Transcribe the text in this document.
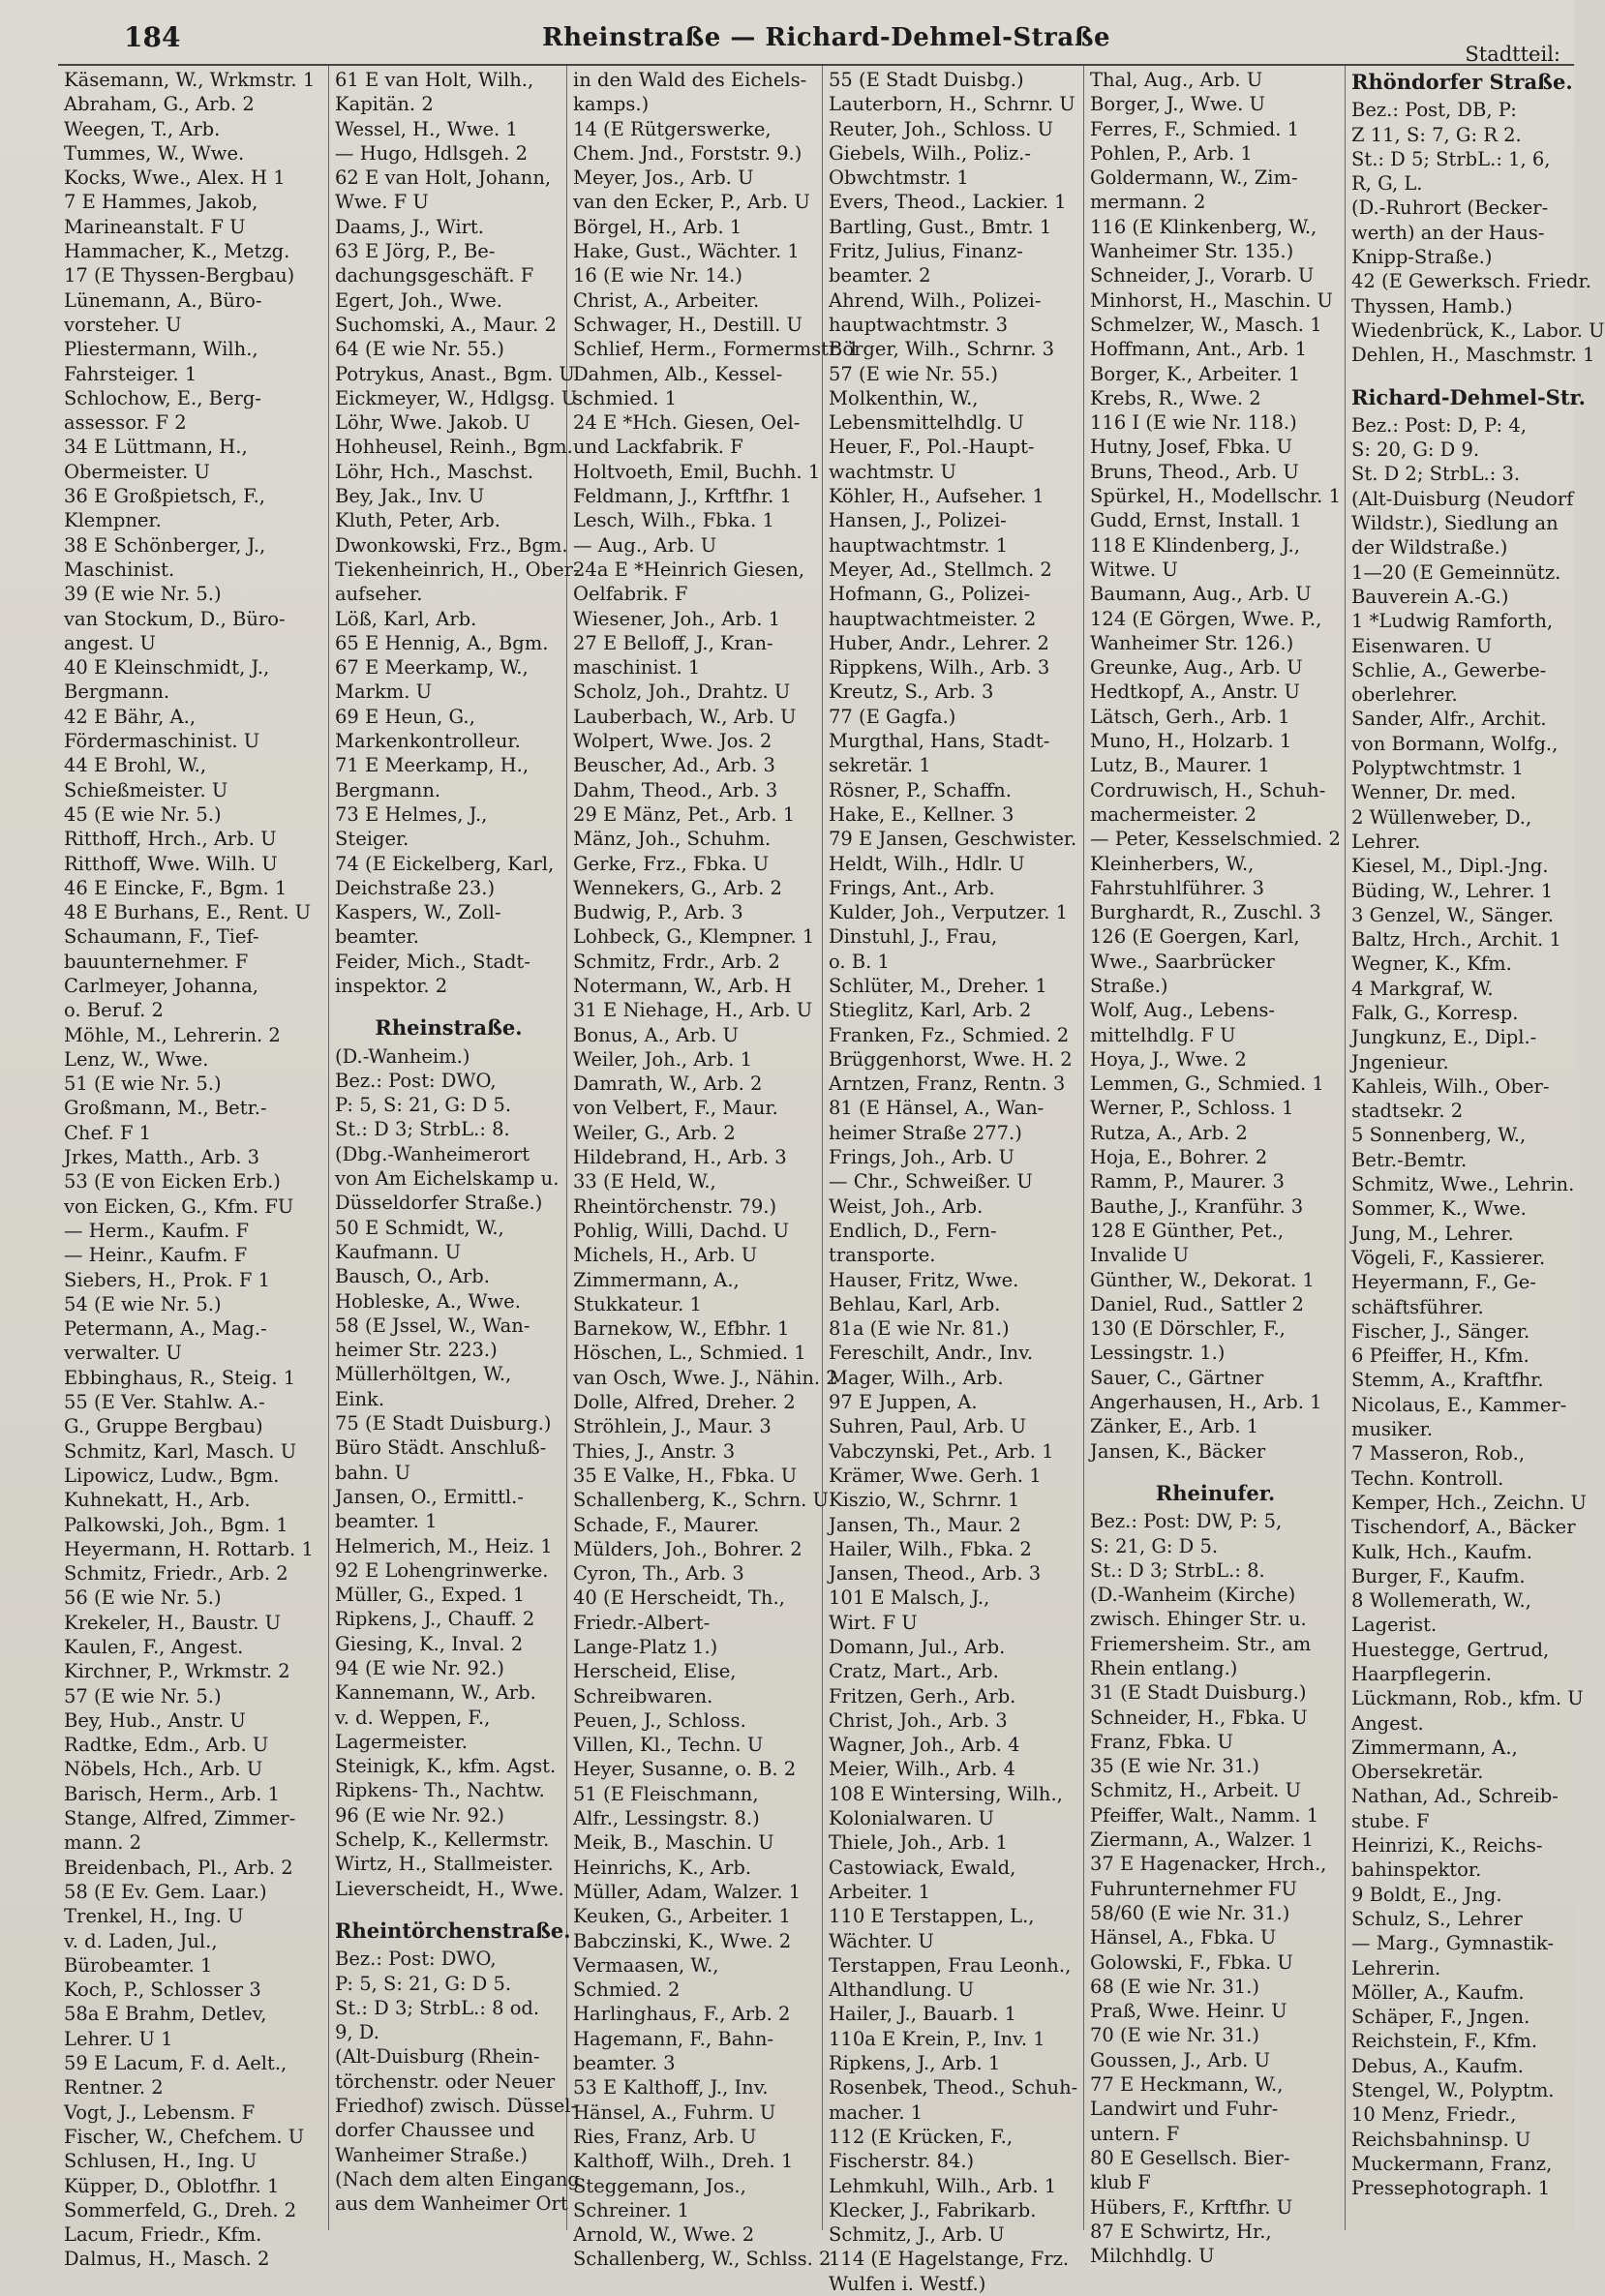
184	Rheinstraße — Richard-Dehmel-Straße
Stadtteil:
Käsemann, W., Wrkmstr. 1
Abraham, G., Arb. 2
Weegen, T., Arb.
Tummes, W., Wwe.
Kocks, Wwe., Alex. H 1
7 E Hammes, Jakob,
Marineanstalt. F U
Hammacher, K., Metzg.
17 (E Thyssen-Bergbau)
Lünemann, A., Büro-
vorsteher. U
Pliestermann, Wilh.,
Fahrsteiger. 1
Schlochow, E., Berg-
assessor. F 2
34 E Lüttmann, H.,
Obermeister. U
36 E Großpietsch, F.,
Klempner.
38 E Schönberger, J.,
Maschinist.
39 (E wie Nr. 5.)
van Stockum, D., Büro-
angest. U
40 E Kleinschmidt, J.,
Bergmann.
42 E Bähr, A.,
Fördermaschinist. U
44 E Brohl, W.,
Schießmeister. U
45 (E wie Nr. 5.)
Ritthoff, Hrch., Arb. U
Ritthoff, Wwe. Wilh. U
46 E Eincke, F., Bgm. 1
48 E Burhans, E., Rent. U
Schaumann, F., Tief-
bauunternehmer. F
Carlmeyer, Johanna,
o. Beruf. 2
Möhle, M., Lehrerin. 2
Lenz, W., Wwe.
51 (E wie Nr. 5.)
Großmann, M., Betr.-
Chef. F 1
Jrkes, Matth., Arb. 3
53 (E von Eicken Erb.)
von Eicken, G., Kfm. FU
— Herm., Kaufm. F
— Heinr., Kaufm. F
Siebers, H., Prok. F 1
54 (E wie Nr. 5.)
Petermann, A., Mag.-
verwalter. U
Ebbinghaus, R., Steig. 1
55 (E Ver. Stahlw. A.-
G., Gruppe Bergbau)
Schmitz, Karl, Masch. U
Lipowicz, Ludw., Bgm.
Kuhnekatt, H., Arb.
Palkowski, Joh., Bgm. 1
Heyermann, H. Rottarb. 1
Schmitz, Friedr., Arb. 2
56 (E wie Nr. 5.)
Krekeler, H., Baustr. U
Kaulen, F., Angest.
Kirchner, P., Wrkmstr. 2
57 (E wie Nr. 5.)
Bey, Hub., Anstr. U
Radtke, Edm., Arb. U
Nöbels, Hch., Arb. U
Barisch, Herm., Arb. 1
Stange, Alfred, Zimmer-
mann. 2
Breidenbach, Pl., Arb. 2
58 (E Ev. Gem. Laar.)
Trenkel, H., Ing. U
v. d. Laden, Jul.,
Bürobeamter. 1
Koch, P., Schlosser 3
58a E Brahm, Detlev,
Lehrer. U 1
59 E Lacum, F. d. Aelt.,
Rentner. 2
Vogt, J., Lebensm. F
Fischer, W., Chefchem. U
Schlusen, H., Ing. U
Küpper, D., Oblotfhr. 1
Sommerfeld, G., Dreh. 2
Lacum, Friedr., Kfm.
Dalmus, H., Masch. 2
61 E van Holt, Wilh.,
Kapitän. 2
Wessel, H., Wwe. 1
— Hugo, Hdlsgeh. 2
62 E van Holt, Johann,
Wwe. F U
Daams, J., Wirt.
63 E Jörg, P., Be-
dachungsgeschäft. F
Egert, Joh., Wwe.
Suchomski, A., Maur. 2
64 (E wie Nr. 55.)
Potrykus, Anast., Bgm. U
Eickmeyer, W., Hdlgsg. U
Löhr, Wwe. Jakob. U
Hohheusel, Reinh., Bgm.
Löhr, Hch., Maschst.
Bey, Jak., Inv. U
Kluth, Peter, Arb.
Dwonkowski, Frz., Bgm.
Tiekenheinrich, H., Ober-
aufseher.
Löß, Karl, Arb.
65 E Hennig, A., Bgm.
67 E Meerkamp, W.,
Markm. U
69 E Heun, G.,
Markenkontrolleur.
71 E Meerkamp, H.,
Bergmann.
73 E Helmes, J.,
Steiger.
74 (E Eickelberg, Karl,
Deichstraße 23.)
Kaspers, W., Zoll-
beamter.
Feider, Mich., Stadt-
inspektor. 2
Rheinstraße.
(D.-Wanheim.)
Bez.: Post: DWO,
P: 5, S: 21, G: D 5.
St.: D 3; StrbL.: 8.
(Dbg.-Wanheimerort
von Am Eichelskamp u.
Düsseldorfer Straße.)
50 E Schmidt, W.,
Kaufmann. U
Bausch, O., Arb.
Hobleske, A., Wwe.
58 (E Jssel, W., Wan-
heimer Str. 223.)
Müllerhöltgen, W.,
Eink.
75 (E Stadt Duisburg.)
Büro Städt. Anschluß-
bahn. U
Jansen, O., Ermittl.-
beamter. 1
Helmerich, M., Heiz. 1
92 E Lohengrinwerke.
Müller, G., Exped. 1
Ripkens, J., Chauff. 2
Giesing, K., Inval. 2
94 (E wie Nr. 92.)
Kannemann, W., Arb.
v. d. Weppen, F.,
Lagermeister.
Steinigk, K., kfm. Agst.
Ripkens- Th., Nachtw.
96 (E wie Nr. 92.)
Schelp, K., Kellermstr.
Wirtz, H., Stallmeister.
Lieverscheidt, H., Wwe.
Rheintörchenstraße.
Bez.: Post: DWO,
P: 5, S: 21, G: D 5.
St.: D 3; StrbL.: 8 od.
9, D.
(Alt-Duisburg (Rhein-
törchenstr. oder Neuer
Friedhof) zwisch. Düssel-
dorfer Chaussee und
Wanheimer Straße.)
(Nach dem alten Eingang
aus dem Wanheimer Ort
in den Wald des Eichels-
kamps.)
14 (E Rütgerswerke,
Chem. Jnd., Forststr. 9.)
Meyer, Jos., Arb. U
van den Ecker, P., Arb. U
Börgel, H., Arb. 1
Hake, Gust., Wächter. 1
16 (E wie Nr. 14.)
Christ, A., Arbeiter.
Schwager, H., Destill. U
Schlief, Herm., Formermstr. 1
Dahmen, Alb., Kessel-
schmied. 1
24 E *Hch. Giesen, Oel-
und Lackfabrik. F
Holtvoeth, Emil, Buchh. 1
Feldmann, J., Krftfhr. 1
Lesch, Wilh., Fbka. 1
— Aug., Arb. U
24a E *Heinrich Giesen,
Oelfabrik. F
Wiesener, Joh., Arb. 1
27 E Belloff, J., Kran-
maschinist. 1
Scholz, Joh., Drahtz. U
Lauberbach, W., Arb. U
Wolpert, Wwe. Jos. 2
Beuscher, Ad., Arb. 3
Dahm, Theod., Arb. 3
29 E Mänz, Pet., Arb. 1
Mänz, Joh., Schuhm.
Gerke, Frz., Fbka. U
Wennekers, G., Arb. 2
Budwig, P., Arb. 3
Lohbeck, G., Klempner. 1
Schmitz, Frdr., Arb. 2
Notermann, W., Arb. H
31 E Niehage, H., Arb. U
Bonus, A., Arb. U
Weiler, Joh., Arb. 1
Damrath, W., Arb. 2
von Velbert, F., Maur.
Weiler, G., Arb. 2
Hildebrand, H., Arb. 3
33 (E Held, W.,
Rheintörchenstr. 79.)
Pohlig, Willi, Dachd. U
Michels, H., Arb. U
Zimmermann, A.,
Stukkateur. 1
Barnekow, W., Efbhr. 1
Höschen, L., Schmied. 1
van Osch, Wwe. J., Nähin. 2
Dolle, Alfred, Dreher. 2
Ströhlein, J., Maur. 3
Thies, J., Anstr. 3
35 E Valke, H., Fbka. U
Schallenberg, K., Schrn. U
Schade, F., Maurer.
Mülders, Joh., Bohrer. 2
Cyron, Th., Arb. 3
40 (E Herscheidt, Th.,
Friedr.-Albert-
Lange-Platz 1.)
Herscheid, Elise,
Schreibwaren.
Peuen, J., Schloss.
Villen, Kl., Techn. U
Heyer, Susanne, o. B. 2
51 (E Fleischmann,
Alfr., Lessingstr. 8.)
Meik, B., Maschin. U
Heinrichs, K., Arb.
Müller, Adam, Walzer. 1
Keuken, G., Arbeiter. 1
Babczinski, K., Wwe. 2
Vermaasen, W.,
Schmied. 2
Harlinghaus, F., Arb. 2
Hagemann, F., Bahn-
beamter. 3
53 E Kalthoff, J., Inv.
Hänsel, A., Fuhrm. U
Ries, Franz, Arb. U
Kalthoff, Wilh., Dreh. 1
Steggemann, Jos.,
Schreiner. 1
Arnold, W., Wwe. 2
Schallenberg, W., Schlss. 2
55 (E Stadt Duisbg.)
Lauterborn, H., Schrnr. U
Reuter, Joh., Schloss. U
Giebels, Wilh., Poliz.-
Obwchtmstr. 1
Evers, Theod., Lackier. 1
Bartling, Gust., Bmtr. 1
Fritz, Julius, Finanz-
beamter. 2
Ahrend, Wilh., Polizei-
hauptwachtmstr. 3
Börger, Wilh., Schrnr. 3
57 (E wie Nr. 55.)
Molkenthin, W.,
Lebensmittelhdlg. U
Heuer, F., Pol.-Haupt-
wachtmstr. U
Köhler, H., Aufseher. 1
Hansen, J., Polizei-
hauptwachtmstr. 1
Meyer, Ad., Stellmch. 2
Hofmann, G., Polizei-
hauptwachtmeister. 2
Huber, Andr., Lehrer. 2
Rippkens, Wilh., Arb. 3
Kreutz, S., Arb. 3
77 (E Gagfa.)
Murgthal, Hans, Stadt-
sekretär. 1
Rösner, P., Schaffn.
Hake, E., Kellner. 3
79 E Jansen, Geschwister.
Heldt, Wilh., Hdlr. U
Frings, Ant., Arb.
Kulder, Joh., Verputzer. 1
Dinstuhl, J., Frau,
o. B. 1
Schlüter, M., Dreher. 1
Stieglitz, Karl, Arb. 2
Franken, Fz., Schmied. 2
Brüggenhorst, Wwe. H. 2
Arntzen, Franz, Rentn. 3
81 (E Hänsel, A., Wan-
heimer Straße 277.)
Frings, Joh., Arb. U
— Chr., Schweißer. U
Weist, Joh., Arb.
Endlich, D., Fern-
transporte.
Hauser, Fritz, Wwe.
Behlau, Karl, Arb.
81a (E wie Nr. 81.)
Fereschilt, Andr., Inv.
Mager, Wilh., Arb.
97 E Juppen, A.
Suhren, Paul, Arb. U
Vabczynski, Pet., Arb. 1
Krämer, Wwe. Gerh. 1
Kiszio, W., Schrnr. 1
Jansen, Th., Maur. 2
Hailer, Wilh., Fbka. 2
Jansen, Theod., Arb. 3
101 E Malsch, J.,
Wirt. F U
Domann, Jul., Arb.
Cratz, Mart., Arb.
Fritzen, Gerh., Arb.
Christ, Joh., Arb. 3
Wagner, Joh., Arb. 4
Meier, Wilh., Arb. 4
108 E Wintersing, Wilh.,
Kolonialwaren. U
Thiele, Joh., Arb. 1
Castowiack, Ewald,
Arbeiter. 1
110 E Terstappen, L.,
Wächter. U
Terstappen, Frau Leonh.,
Althandlung. U
Hailer, J., Bauarb. 1
110a E Krein, P., Inv. 1
Ripkens, J., Arb. 1
Rosenbek, Theod., Schuh-
macher. 1
112 (E Krücken, F.,
Fischerstr. 84.)
Lehmkuhl, Wilh., Arb. 1
Klecker, J., Fabrikarb.
Schmitz, J., Arb. U
114 (E Hagelstange, Frz.
Wulfen i. Westf.)
Thal, Aug., Arb. U
Borger, J., Wwe. U
Ferres, F., Schmied. 1
Pohlen, P., Arb. 1
Goldermann, W., Zim-
mermann. 2
116 (E Klinkenberg, W.,
Wanheimer Str. 135.)
Schneider, J., Vorarb. U
Minhorst, H., Maschin. U
Schmelzer, W., Masch. 1
Hoffmann, Ant., Arb. 1
Borger, K., Arbeiter. 1
Krebs, R., Wwe. 2
116 I (E wie Nr. 118.)
Hutny, Josef, Fbka. U
Bruns, Theod., Arb. U
Spürkel, H., Modellschr. 1
Gudd, Ernst, Install. 1
118 E Klindenberg, J.,
Witwe. U
Baumann, Aug., Arb. U
124 (E Görgen, Wwe. P.,
Wanheimer Str. 126.)
Greunke, Aug., Arb. U
Hedtkopf, A., Anstr. U
Lätsch, Gerh., Arb. 1
Muno, H., Holzarb. 1
Lutz, B., Maurer. 1
Cordruwisch, H., Schuh-
machermeister. 2
— Peter, Kesselschmied. 2
Kleinherbers, W.,
Fahrstuhlführer. 3
Burghardt, R., Zuschl. 3
126 (E Goergen, Karl,
Wwe., Saarbrücker
Straße.)
Wolf, Aug., Lebens-
mittelhdlg. F U
Hoya, J., Wwe. 2
Lemmen, G., Schmied. 1
Werner, P., Schloss. 1
Rutza, A., Arb. 2
Hoja, E., Bohrer. 2
Ramm, P., Maurer. 3
Bauthe, J., Kranführ. 3
128 E Günther, Pet.,
Invalide U
Günther, W., Dekorat. 1
Daniel, Rud., Sattler 2
130 (E Dörschler, F.,
Lessingstr. 1.)
Sauer, C., Gärtner
Angerhausen, H., Arb. 1
Zänker, E., Arb. 1
Jansen, K., Bäcker
Rheinufer.
Bez.: Post: DW, P: 5,
S: 21, G: D 5.
St.: D 3; StrbL.: 8.
(D.-Wanheim (Kirche)
zwisch. Ehinger Str. u.
Friemersheim. Str., am
Rhein entlang.)
31 (E Stadt Duisburg.)
Schneider, H., Fbka. U
Franz, Fbka. U
35 (E wie Nr. 31.)
Schmitz, H., Arbeit. U
Pfeiffer, Walt., Namm. 1
Ziermann, A., Walzer. 1
37 E Hagenacker, Hrch.,
Fuhrunternehmer FU
58/60 (E wie Nr. 31.)
Hänsel, A., Fbka. U
Golowski, F., Fbka. U
68 (E wie Nr. 31.)
Praß, Wwe. Heinr. U
70 (E wie Nr. 31.)
Goussen, J., Arb. U
77 E Heckmann, W.,
Landwirt und Fuhr-
untern. F
80 E Gesellsch. Bier-
klub F
Hübers, F., Krftfhr. U
87 E Schwirtz, Hr.,
Milchhdlg. U
Rhöndorfer Straße.
Bez.: Post, DB, P:
Z 11, S: 7, G: R 2.
St.: D 5; StrbL.: 1, 6,
R, G, L.
(D.-Ruhrort (Becker-
werth) an der Haus-
Knipp-Straße.)
42 (E Gewerksch. Friedr.
Thyssen, Hamb.)
Wiedenbrück, K., Labor. U
Dehlen, H., Maschmstr. 1
Richard-Dehmel-Str.
Bez.: Post: D, P: 4,
S: 20, G: D 9.
St. D 2; StrbL.: 3.
(Alt-Duisburg (Neudorf
Wildstr.), Siedlung an
der Wildstraße.)
1—20 (E Gemeinnütz.
Bauverein A.-G.)
1 *Ludwig Ramforth,
Eisenwaren. U
Schlie, A., Gewerbe-
oberlehrer.
Sander, Alfr., Archit.
von Bormann, Wolfg.,
Polyptwchtmstr. 1
Wenner, Dr. med.
2 Wüllenweber, D.,
Lehrer.
Kiesel, M., Dipl.-Jng.
Büding, W., Lehrer. 1
3 Genzel, W., Sänger.
Baltz, Hrch., Archit. 1
Wegner, K., Kfm.
4 Markgraf, W.
Falk, G., Korresp.
Jungkunz, E., Dipl.-
Jngenieur.
Kahleis, Wilh., Ober-
stadtsekr. 2
5 Sonnenberg, W.,
Betr.-Bemtr.
Schmitz, Wwe., Lehrin.
Sommer, K., Wwe.
Jung, M., Lehrer.
Vögeli, F., Kassierer.
Heyermann, F., Ge-
schäftsführer.
Fischer, J., Sänger.
6 Pfeiffer, H., Kfm.
Stemm, A., Kraftfhr.
Nicolaus, E., Kammer-
musiker.
7 Masseron, Rob.,
Techn. Kontroll.
Kemper, Hch., Zeichn. U
Tischendorf, A., Bäcker
Kulk, Hch., Kaufm.
Burger, F., Kaufm.
8 Wollemerath, W.,
Lagerist.
Huestegge, Gertrud,
Haarpflegerin.
Lückmann, Rob., kfm. U
Angest.
Zimmermann, A.,
Obersekretär.
Nathan, Ad., Schreib-
stube. F
Heinrizi, K., Reichs-
bahinspektor.
9 Boldt, E., Jng.
Schulz, S., Lehrer
— Marg., Gymnastik-
Lehrerin.
Möller, A., Kaufm.
Schäper, F., Jngen.
Reichstein, F., Kfm.
Debus, A., Kaufm.
Stengel, W., Polyptm.
10 Menz, Friedr.,
Reichsbahninsp. U
Muckermann, Franz,
Pressephotograph. 1
